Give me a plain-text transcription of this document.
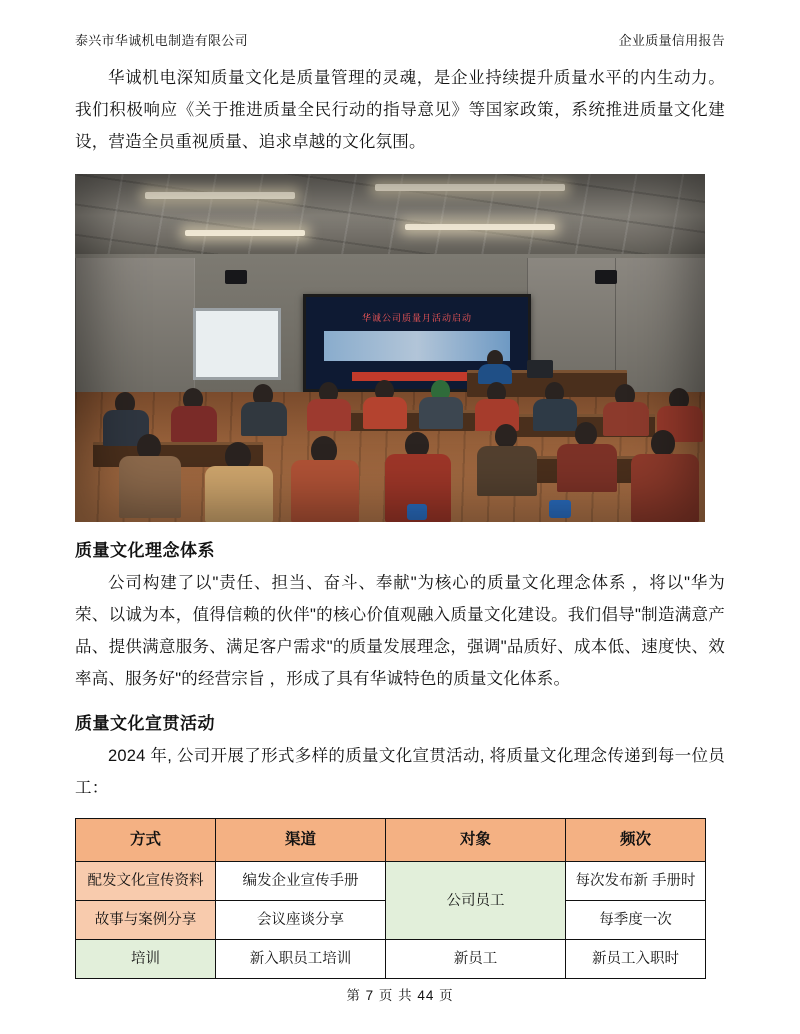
泰兴市华诚机电制造有限公司	企业质量信用报告

华诚机电深知质量文化是质量管理的灵魂，是企业持续提升质量水平的内生动力。我们积极响应《关于推进质量全民行动的指导意见》等国家政策，系统推进质量文化建设，营造全员重视质量、追求卓越的文化氛围。

华诚公司质量月活动启动
质量文化理念体系

公司构建了以"责任、担当、奋斗、奉献"为核心的质量文化理念体系 ，将以"华为荣、以诚为本，值得信赖的伙伴"的核心价值观融入质量文化建设。我们倡导"制造满意产品、提供满意服务、满足客户需求"的质量发展理念，强调"品质好、成本低、速度快、效率高、服务好"的经营宗旨 ，形成了具有华诚特色的质量文化体系。

质量文化宣贯活动

2024 年, 公司开展了形式多样的质量文化宣贯活动, 将质量文化理念传递到每一位员工：

方式	渠道	对象	频次
配发文化宣传资料	编发企业宣传手册	公司员工	每次发布新 手册时
故事与案例分享	会议座谈分享		每季度一次
培训	新入职员工培训	新员工	新员工入职时
第 7 页 共 44 页
